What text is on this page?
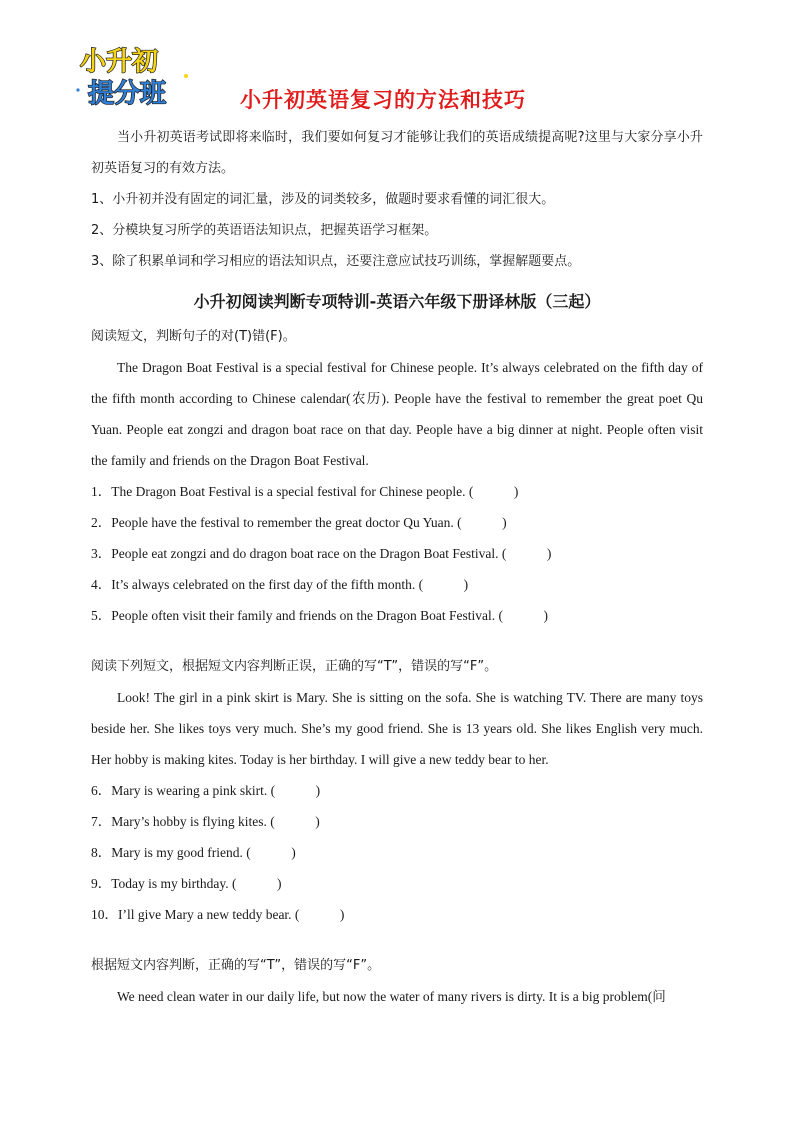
小升初
提分班	小升初英语复习的方法和技巧

当小升初英语考试即将来临时，我们要如何复习才能够让我们的英语成绩提高呢?这里与大家分享小升初英语复习的有效方法。

1、小升初并没有固定的词汇量，涉及的词类较多，做题时要求看懂的词汇很大。

2、分模块复习所学的英语语法知识点，把握英语学习框架。

3、除了积累单词和学习相应的语法知识点，还要注意应试技巧训练，掌握解题要点。

小升初阅读判断专项特训-英语六年级下册译林版（三起）

阅读短文，判断句子的对(T)错(F)。

The Dragon Boat Festival is a special festival for Chinese people. It’s always celebrated on the fifth day of the fifth month according to Chinese calendar(农历). People have the festival to remember the great poet Qu Yuan. People eat zongzi and dragon boat race on that day. People have a big dinner at night. People often visit the family and friends on the Dragon Boat Festival.

1．The Dragon Boat Festival is a special festival for Chinese people. (　　　)

2．People have the festival to remember the great doctor Qu Yuan. (　　　)

3．People eat zongzi and do dragon boat race on the Dragon Boat Festival. (　　　)

4．It’s always celebrated on the first day of the fifth month. (　　　)

5．People often visit their family and friends on the Dragon Boat Festival. (　　　)

阅读下列短文，根据短文内容判断正误，正确的写“T”，错误的写“F”。

Look! The girl in a pink skirt is Mary. She is sitting on the sofa. She is watching TV. There are many toys beside her. She likes toys very much. She’s my good friend. She is 13 years old. She likes English very much. Her hobby is making kites. Today is her birthday. I will give a new teddy bear to her.

6．Mary is wearing a pink skirt. (　　　)

7．Mary’s hobby is flying kites. (　　　)

8．Mary is my good friend. (　　　)

9．Today is my birthday. (　　　)

10．I’ll give Mary a new teddy bear. (　　　)

根据短文内容判断，正确的写“T”，错误的写“F”。

We need clean water in our daily life, but now the water of many rivers is dirty. It is a big problem(问
